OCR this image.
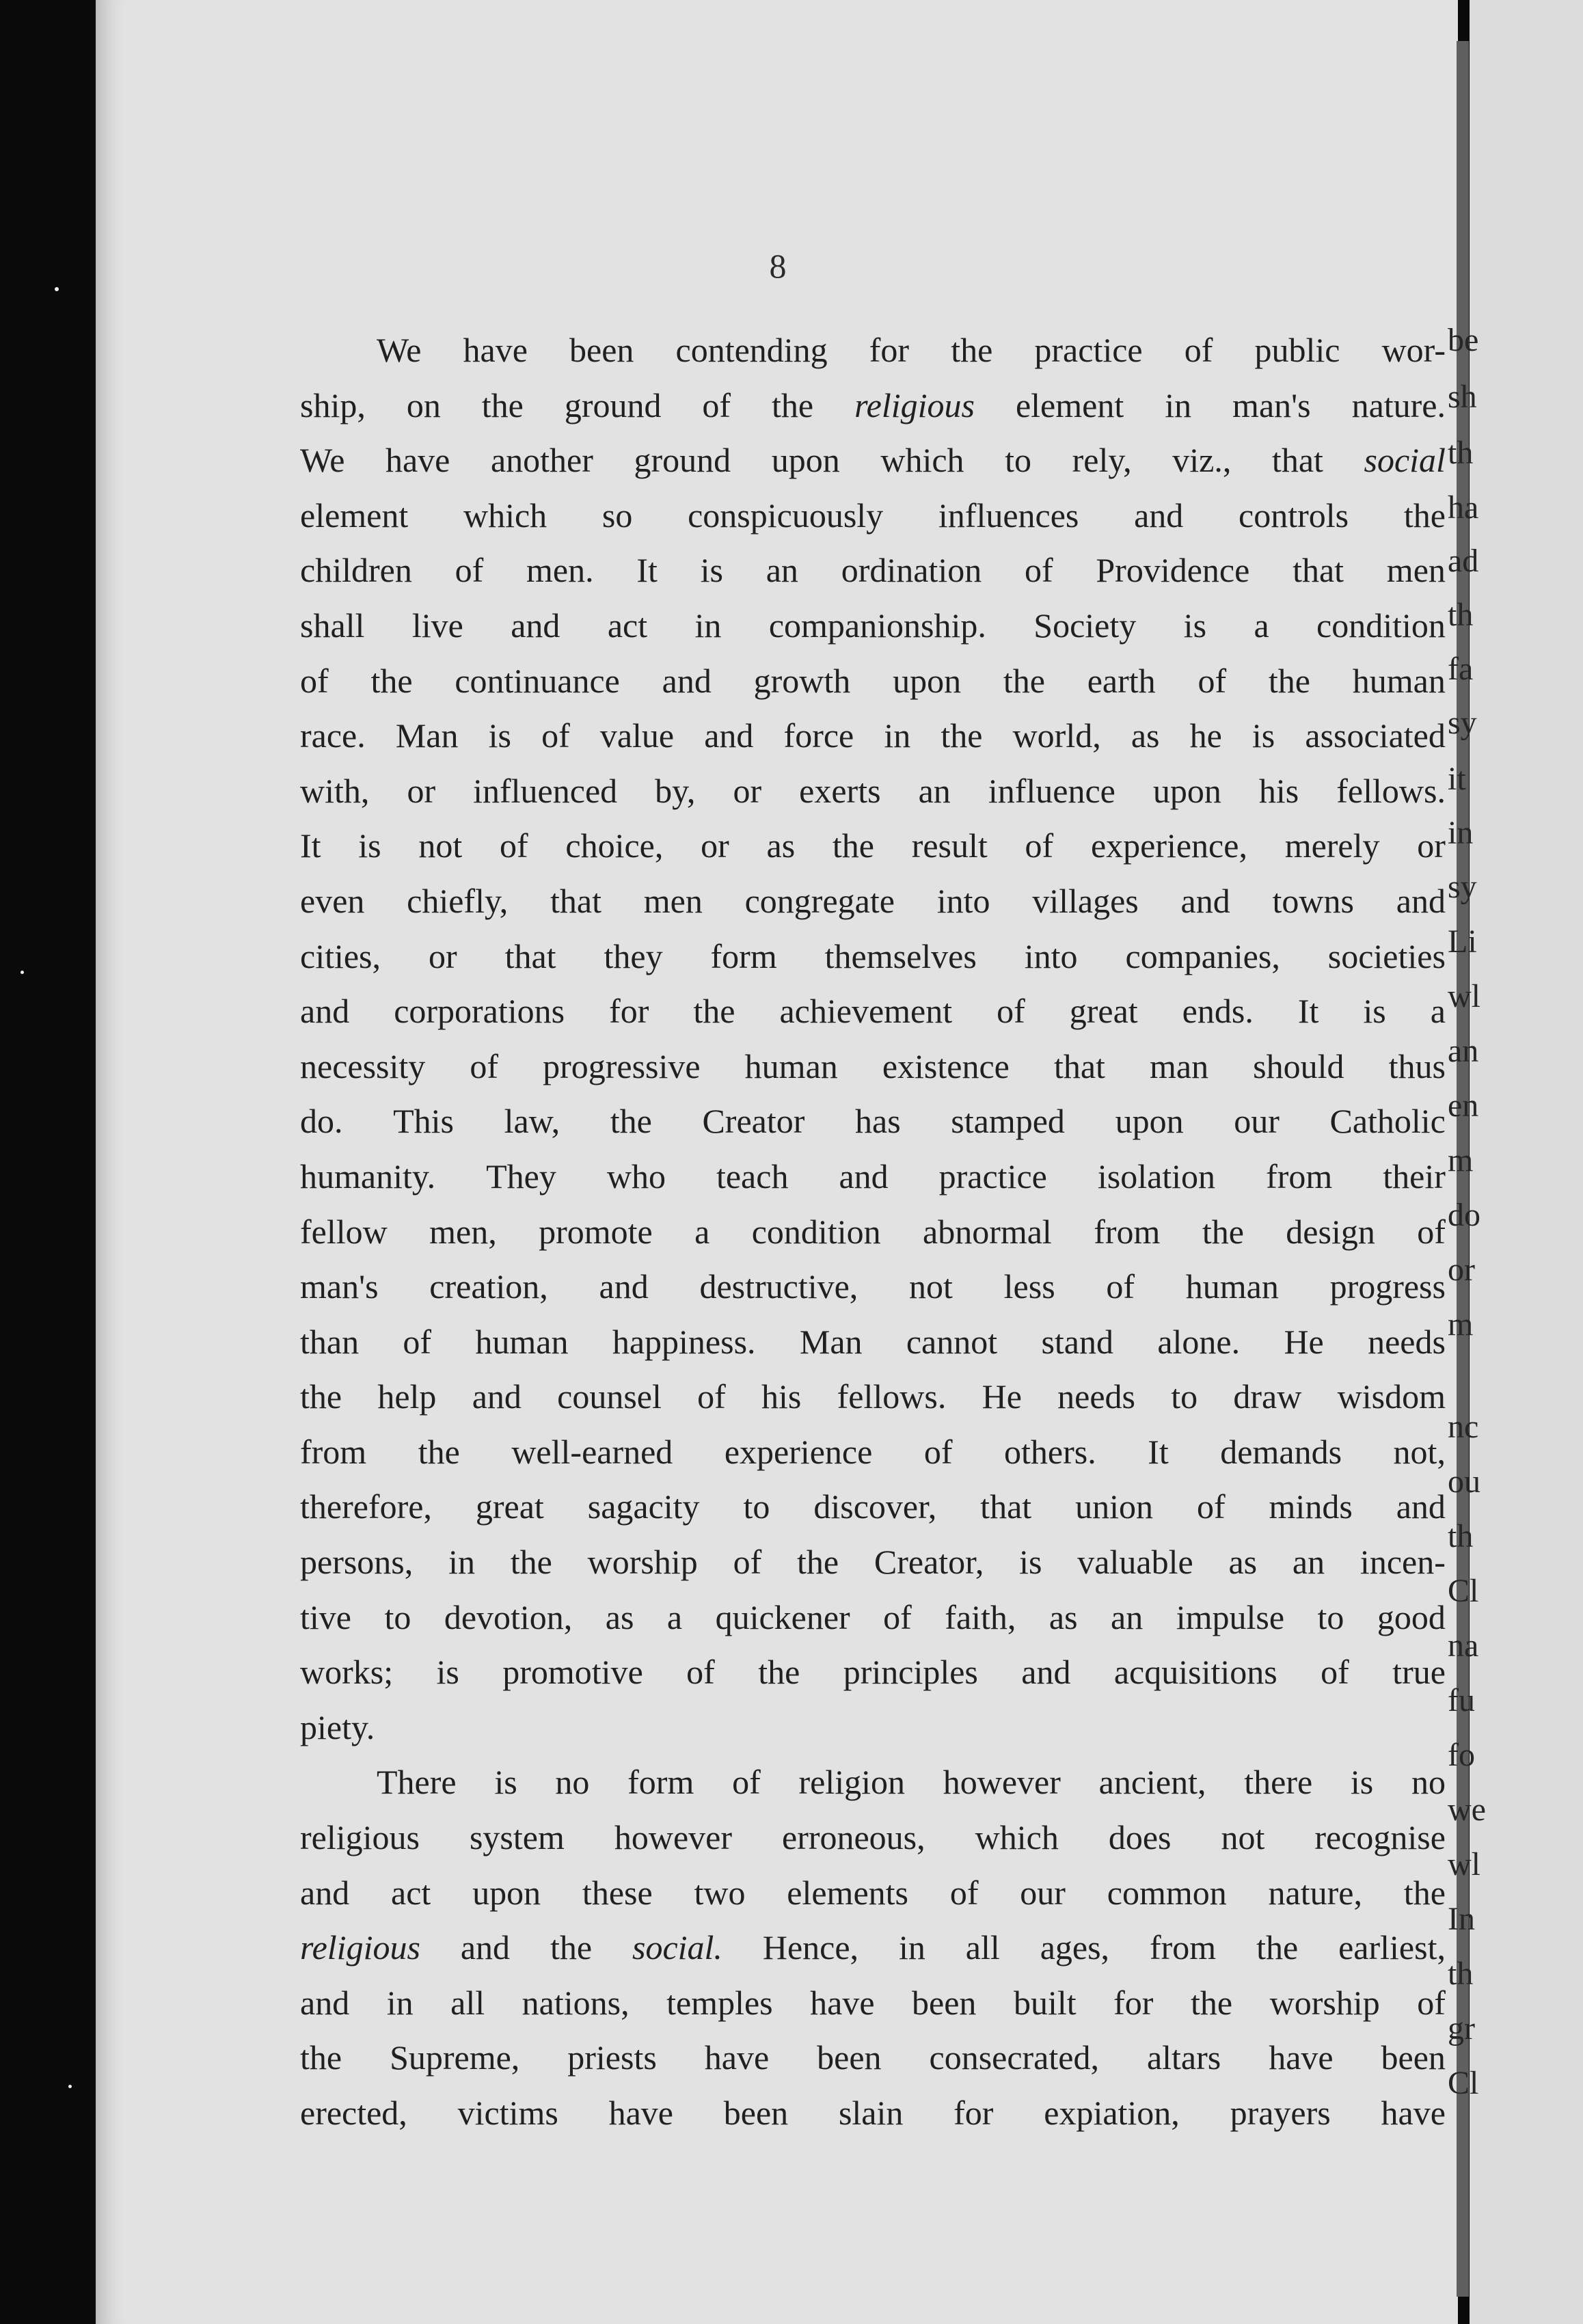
8
We have been contending for the practice of public wor-
ship, on the ground of the religious element in man's nature.
We have another ground upon which to rely, viz., that social
element which so conspicuously influences and controls the
children of men. It is an ordination of Providence that men
shall live and act in companionship. Society is a condition
of the continuance and growth upon the earth of the human
race. Man is of value and force in the world, as he is associated
with, or influenced by, or exerts an influence upon his fellows.
It is not of choice, or as the result of experience, merely or
even chiefly, that men congregate into villages and towns and
cities, or that they form themselves into companies, societies
and corporations for the achievement of great ends. It is a
necessity of progressive human existence that man should thus
do. This law, the Creator has stamped upon our Catholic
humanity. They who teach and practice isolation from their
fellow men, promote a condition abnormal from the design of
man's creation, and destructive, not less of human progress
than of human happiness. Man cannot stand alone. He needs
the help and counsel of his fellows. He needs to draw wisdom
from the well-earned experience of others. It demands not,
therefore, great sagacity to discover, that union of minds and
persons, in the worship of the Creator, is valuable as an incen-
tive to devotion, as a quickener of faith, as an impulse to good
works; is promotive of the principles and acquisitions of true
piety.
There is no form of religion however ancient, there is no
religious system however erroneous, which does not recognise
and act upon these two elements of our common nature, the
religious and the social. Hence, in all ages, from the earliest,
and in all nations, temples have been built for the worship of
the Supreme, priests have been consecrated, altars have been
erected, victims have been slain for expiation, prayers have
be
sh
th
ha
ad
th
fa
sy
it
in
sy
Li
wl
an
en
m
do
or
m
nc
ou
th
Cl
na
fu
fo
we
wl
In
th
gr
Cl
